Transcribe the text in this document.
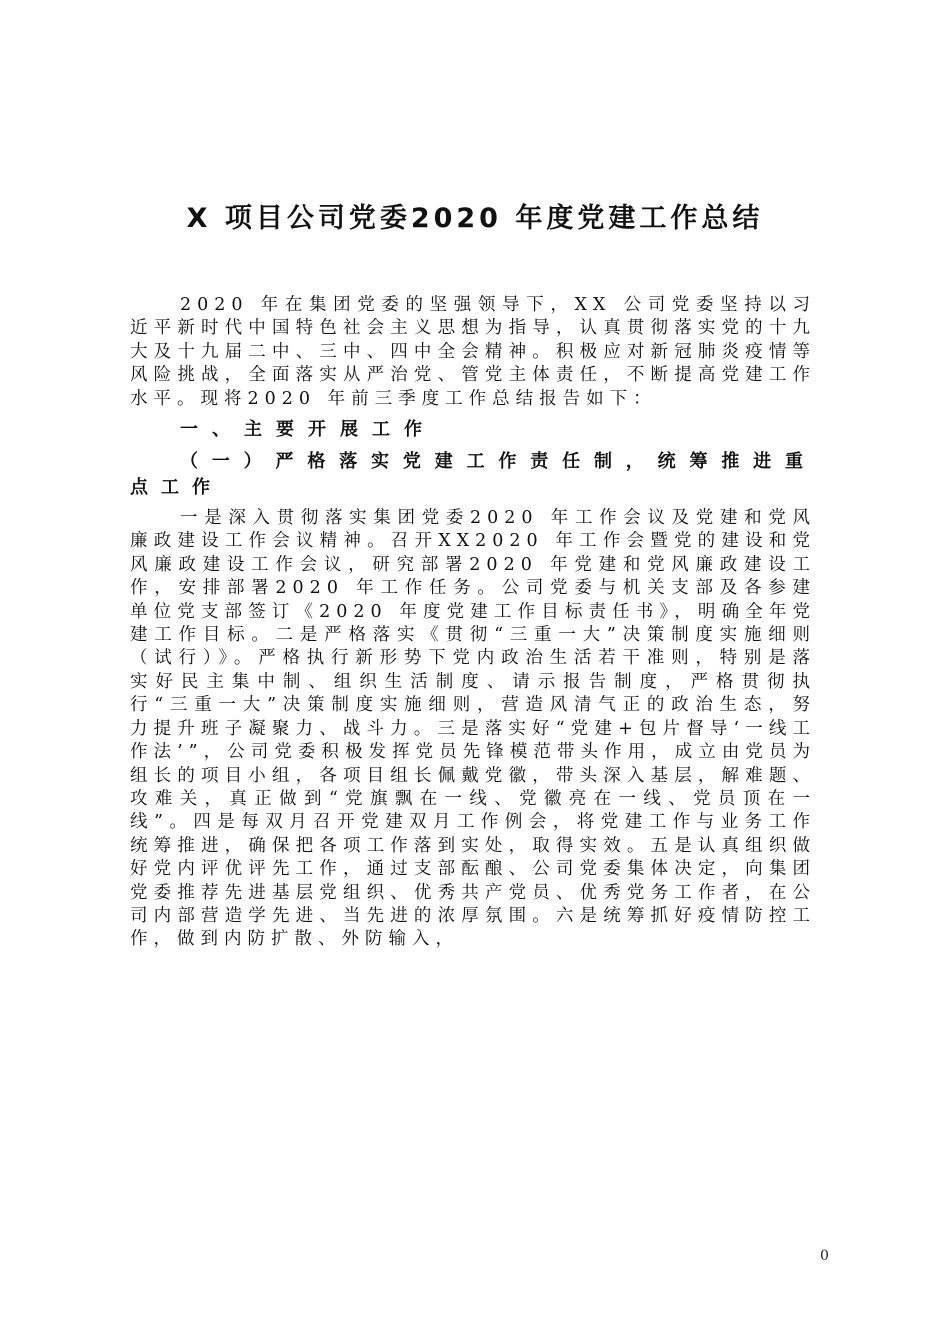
X 项目公司党委2020 年度党建工作总结

2020 年在集团党委的坚强领导下，XX 公司党委坚持以习近平新时代中国特色社会主义思想为指导，认真贯彻落实党的十九大及十九届二中、三中、四中全会精神。积极应对新冠肺炎疫情等风险挑战，全面落实从严治党、管党主体责任，不断提高党建工作水平。现将2020 年前三季度工作总结报告如下：

一、主要开展工作

（一）严格落实党建工作责任制，统筹推进重点工作

一是深入贯彻落实集团党委2020 年工作会议及党建和党风廉政建设工作会议精神。召开XX2020 年工作会暨党的建设和党风廉政建设工作会议，研究部署2020 年党建和党风廉政建设工作，安排部署2020 年工作任务。公司党委与机关支部及各参建单位党支部签订《2020 年度党建工作目标责任书》，明确全年党建工作目标。二是严格落实《贯彻“三重一大”决策制度实施细则（试行）》。严格执行新形势下党内政治生活若干准则，特别是落实好民主集中制、组织生活制度、请示报告制度，严格贯彻执行“三重一大”决策制度实施细则，营造风清气正的政治生态，努力提升班子凝聚力、战斗力。三是落实好“党建+包片督导‘一线工作法’”，公司党委积极发挥党员先锋模范带头作用，成立由党员为组长的项目小组，各项目组长佩戴党徽，带头深入基层，解难题、攻难关，真正做到“党旗飘在一线、党徽亮在一线、党员顶在一线”。四是每双月召开党建双月工作例会，将党建工作与业务工作统筹推进，确保把各项工作落到实处，取得实效。五是认真组织做好党内评优评先工作，通过支部酝酿、公司党委集体决定，向集团党委推荐先进基层党组织、优秀共产党员、优秀党务工作者，在公司内部营造学先进、当先进的浓厚氛围。六是统筹抓好疫情防控工作，做到内防扩散、外防输入，

0
